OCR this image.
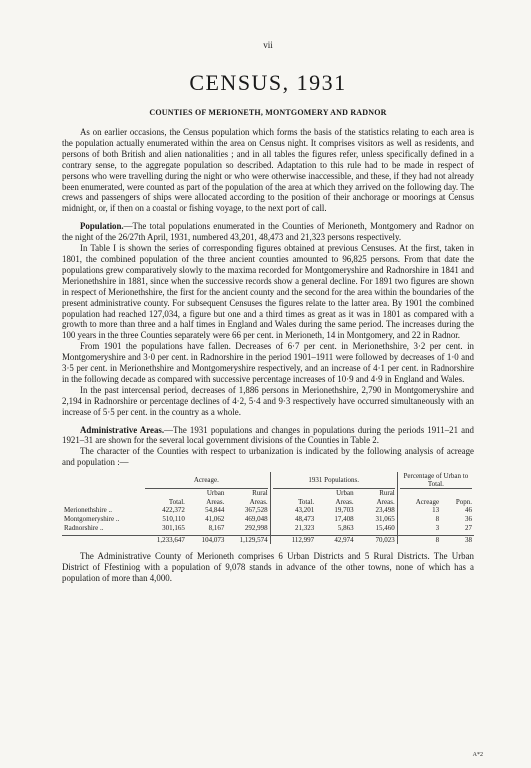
vii
CENSUS, 1931
COUNTIES OF MERIONETH, MONTGOMERY AND RADNOR

As on earlier occasions, the Census population which forms the basis of the statistics relating to each area is the population actually enumerated within the area on Census night. It comprises visitors as well as residents, and persons of both British and alien nationalities ; and in all tables the figures refer, unless specifically defined in a contrary sense, to the aggregate population so described. Adaptation to this rule had to be made in respect of persons who were travelling during the night or who were otherwise inaccessible, and these, if they had not already been enumerated, were counted as part of the population of the area at which they arrived on the following day. The crews and passengers of ships were allocated according to the position of their anchorage or moorings at Census midnight, or, if then on a coastal or fishing voyage, to the next port of call.

Population.—The total populations enumerated in the Counties of Merioneth, Montgomery and Radnor on the night of the 26/27th April, 1931, numbered 43,201, 48,473 and 21,323 persons respectively.

In Table I is shown the series of corresponding figures obtained at previous Censuses. At the first, taken in 1801, the combined population of the three ancient counties amounted to 96,825 persons. From that date the populations grew comparatively slowly to the maxima recorded for Montgomeryshire and Radnorshire in 1841 and Merionethshire in 1881, since when the successive records show a general decline. For 1891 two figures are shown in respect of Merionethshire, the first for the ancient county and the second for the area within the boundaries of the present administrative county. For subsequent Censuses the figures relate to the latter area. By 1901 the combined population had reached 127,034, a figure but one and a third times as great as it was in 1801 as compared with a growth to more than three and a half times in England and Wales during the same period. The increases during the 100 years in the three Counties separately were 66 per cent. in Merioneth, 14 in Montgomery, and 22 in Radnor.

From 1901 the populations have fallen. Decreases of 6·7 per cent. in Merionethshire, 3·2 per cent. in Montgomeryshire and 3·0 per cent. in Radnorshire in the period 1901–1911 were followed by decreases of 1·0 and 3·5 per cent. in Merionethshire and Montgomeryshire respectively, and an increase of 4·1 per cent. in Radnorshire in the following decade as compared with successive percentage increases of 10·9 and 4·9 in England and Wales.

In the past intercensal period, decreases of 1,886 persons in Merionethshire, 2,790 in Montgomeryshire and 2,194 in Radnorshire or percentage declines of 4·2, 5·4 and 9·3 respectively have occurred simultaneously with an increase of 5·5 per cent. in the country as a whole.

Administrative Areas.—The 1931 populations and changes in populations during the periods 1911–21 and 1921–31 are shown for the several local government divisions of the Counties in Table 2.

The character of the Counties with respect to urbanization is indicated by the following analysis of acreage and population :—

	Acreage.			1931 Populations.			Percentage of Urban to Total.	

		Urban	Rural		Urban	Rural		
	Total.	Areas.	Areas.	Total.	Areas.	Areas.	Acreage	Popn.
Merionethshire ..	422,372	54,844	367,528	43,201	19,703	23,498	13	46
Montgomeryshire ..	510,110	41,062	469,048	48,473	17,408	31,065	8	36
Radnorshire ..	301,165	8,167	292,998	21,323	5,863	15,460	3	27

	1,233,647	104,073	1,129,574	112,997	42,974	70,023	8	38

The Administrative County of Merioneth comprises 6 Urban Districts and 5 Rural Districts. The Urban District of Ffestiniog with a population of 9,078 stands in advance of the other towns, none of which has a population of more than 4,000.

A*2
